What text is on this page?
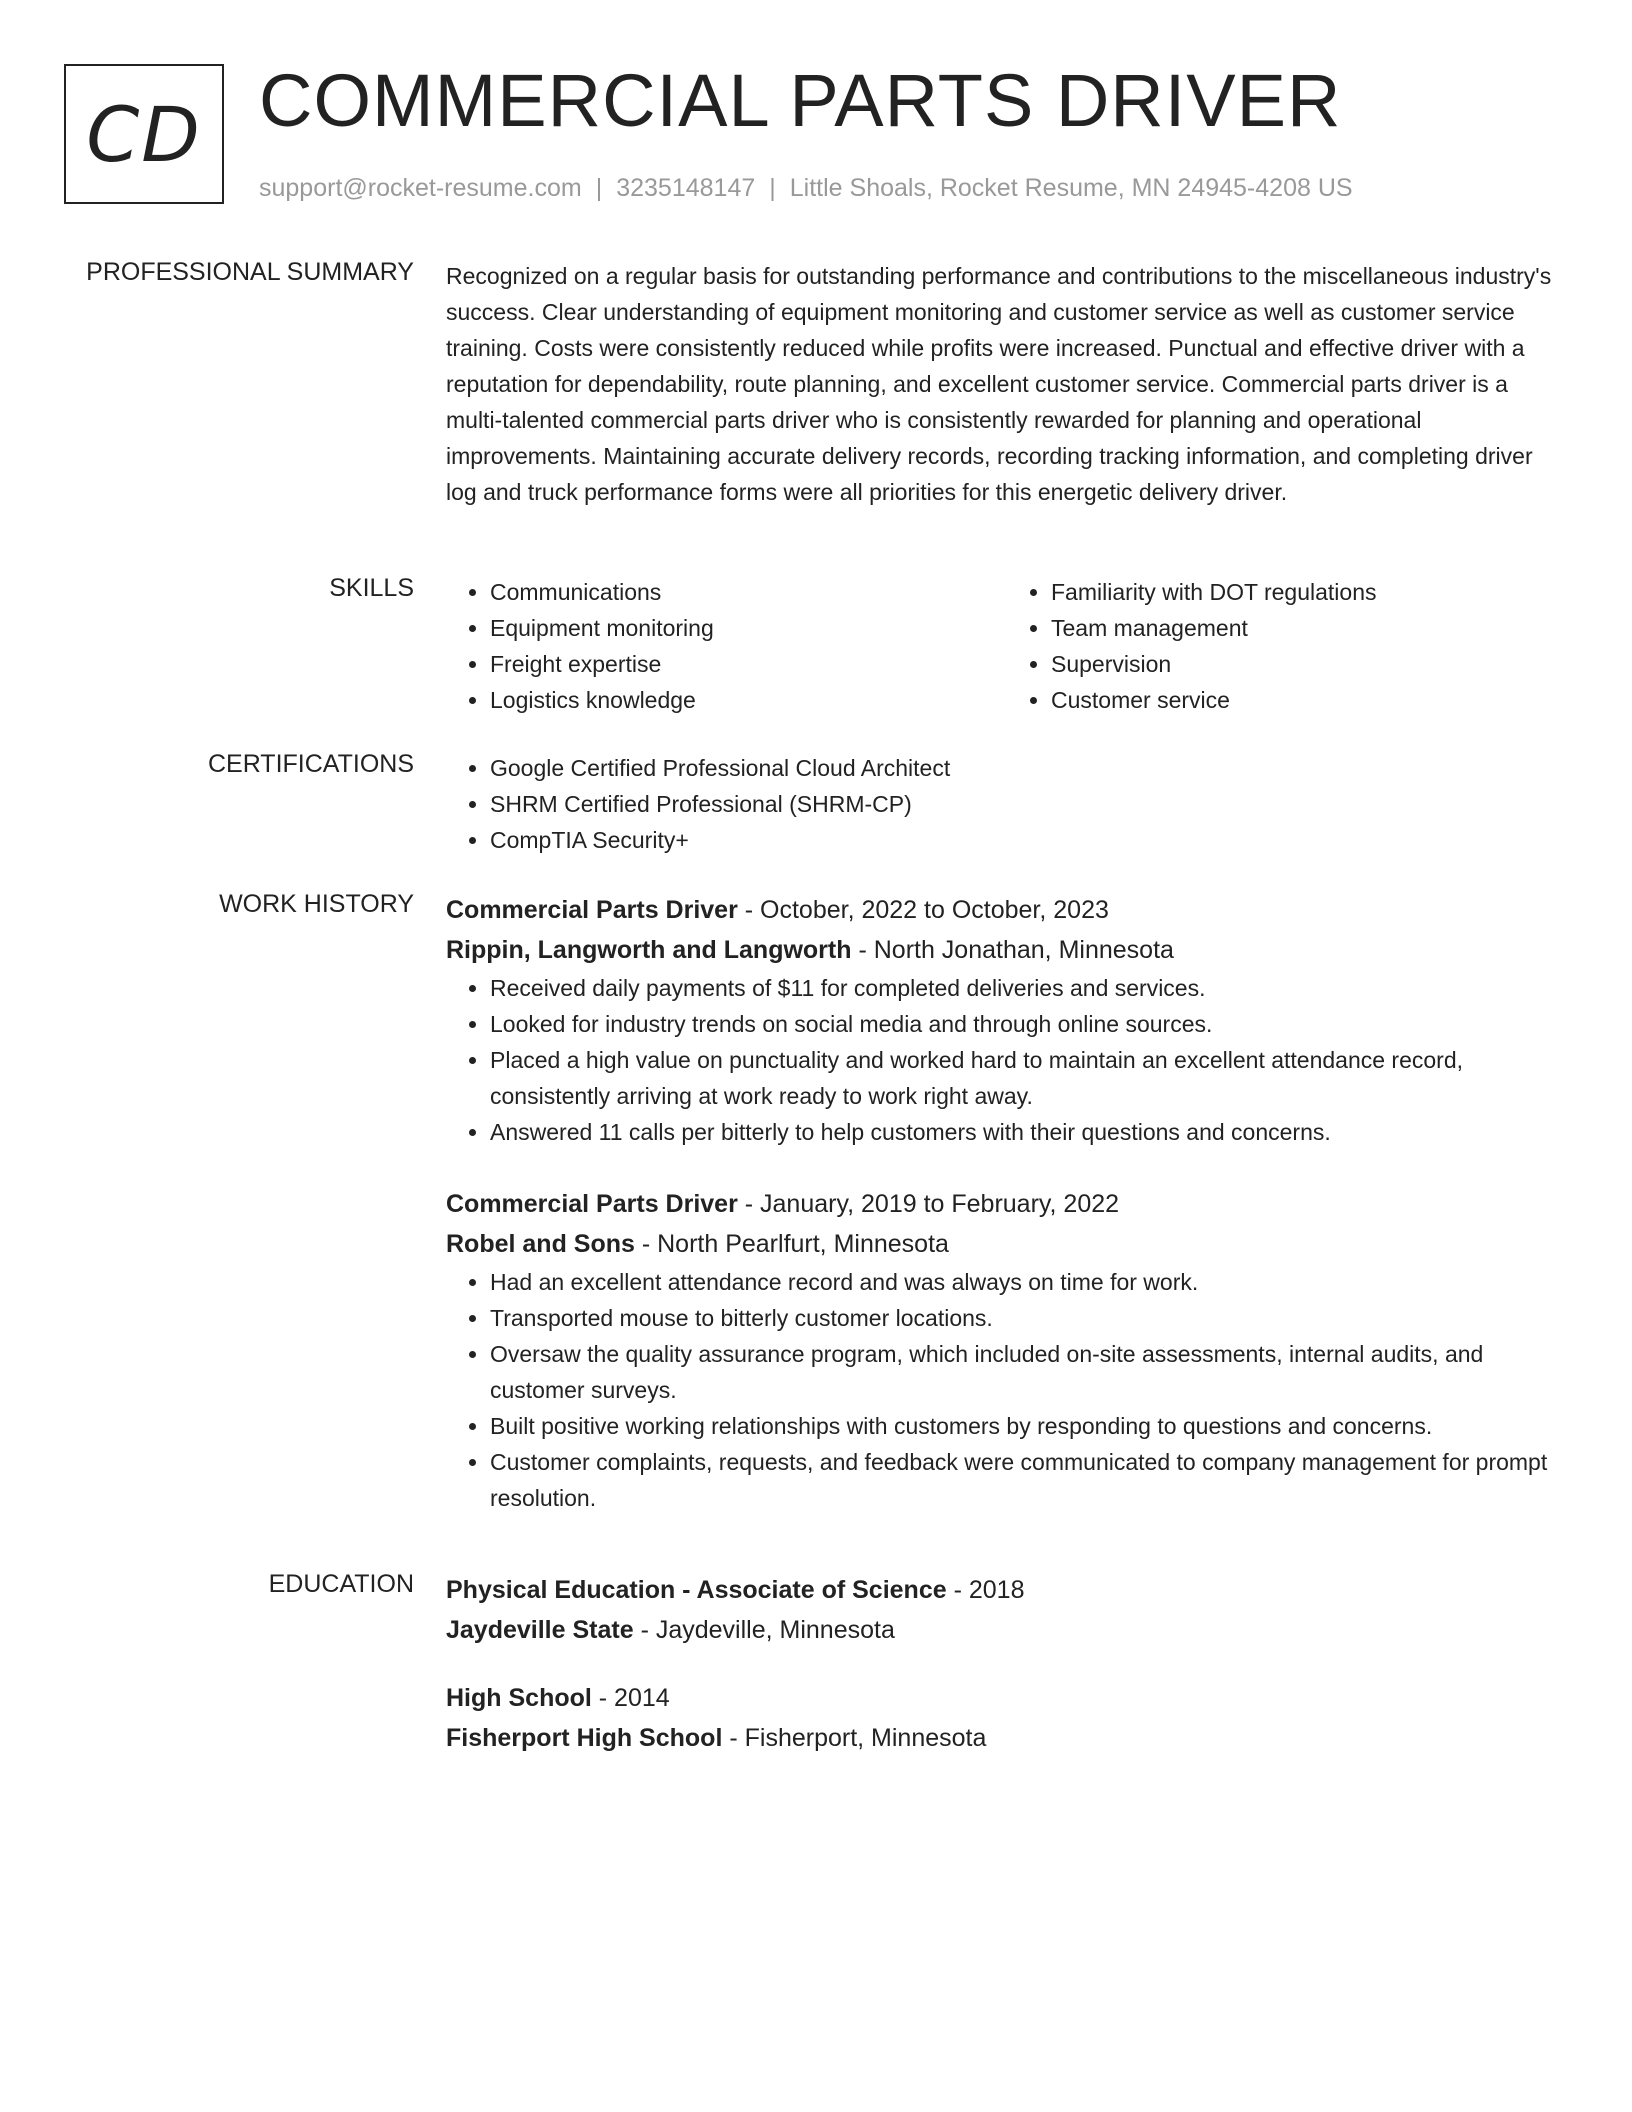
CD COMMERCIAL PARTS DRIVER
support@rocket-resume.com | 3235148147 | Little Shoals, Rocket Resume, MN 24945-4208 US
PROFESSIONAL SUMMARY Recognized on a regular basis for outstanding performance and contributions to the miscellaneous industry's success. Clear understanding of equipment monitoring and customer service as well as customer service training. Costs were consistently reduced while profits were increased. Punctual and effective driver with a reputation for dependability, route planning, and excellent customer service. Commercial parts driver is a multi-talented commercial parts driver who is consistently rewarded for planning and operational improvements. Maintaining accurate delivery records, recording tracking information, and completing driver log and truck performance forms were all priorities for this energetic delivery driver.
SKILLS	• Communications
• Equipment monitoring
• Freight expertise
• Logistics knowledge
• Familiarity with DOT regulations
• Team management
• Supervision
• Customer service
CERTIFICATIONS	• Google Certified Professional Cloud Architect
• SHRM Certified Professional (SHRM-CP)
• CompTIA Security+
WORK HISTORY Commercial Parts Driver - October, 2022 to October, 2023
Rippin, Langworth and Langworth - North Jonathan, Minnesota
• Received daily payments of $11 for completed deliveries and services.
• Looked for industry trends on social media and through online sources.
• Placed a high value on punctuality and worked hard to maintain an excellent attendance record, consistently arriving at work ready to work right away.
• Answered 11 calls per bitterly to help customers with their questions and concerns.
Commercial Parts Driver - January, 2019 to February, 2022
Robel and Sons - North Pearlfurt, Minnesota
• Had an excellent attendance record and was always on time for work.
• Transported mouse to bitterly customer locations.
• Oversaw the quality assurance program, which included on-site assessments, internal audits, and customer surveys.
• Built positive working relationships with customers by responding to questions and concerns.
• Customer complaints, requests, and feedback were communicated to company management for prompt resolution.
EDUCATION Physical Education - Associate of Science - 2018
Jaydeville State - Jaydeville, Minnesota
High School - 2014
Fisherport High School - Fisherport, Minnesota
